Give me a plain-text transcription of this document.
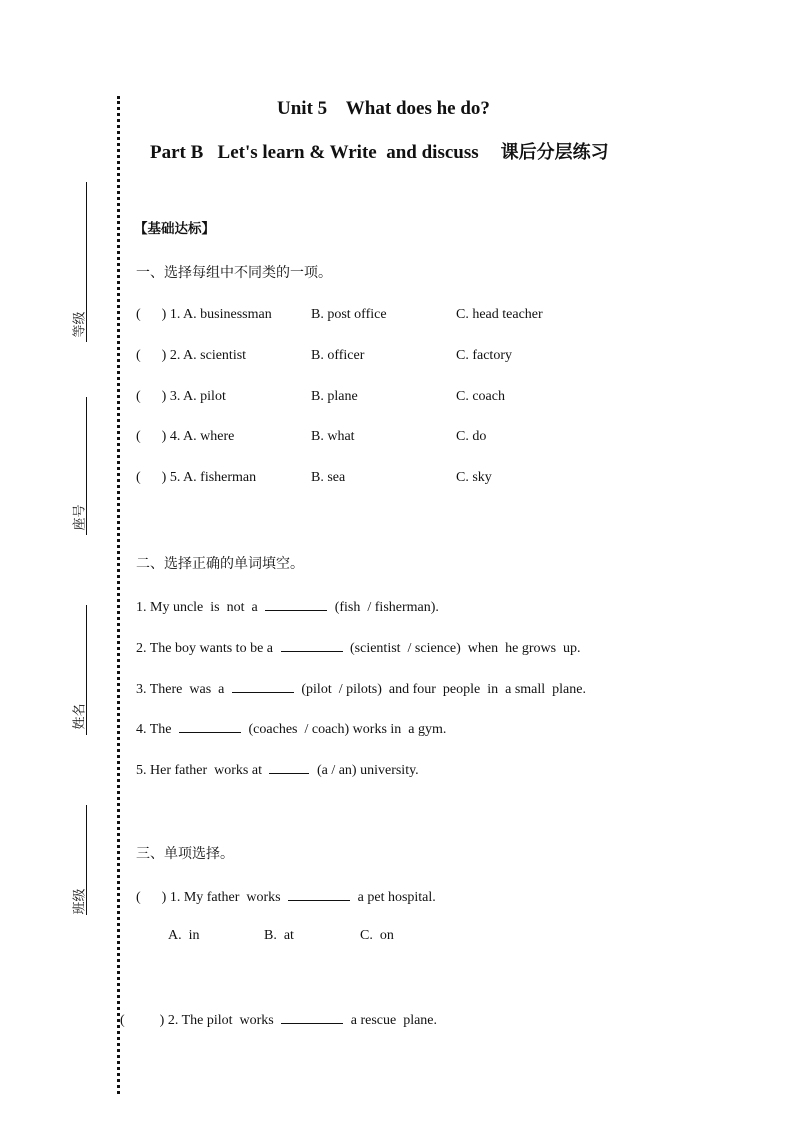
等级
座号
姓名
班级
Unit 5    What does he do?
Part B   Let's learn & Write  and discuss 课后分层练习
【基础达标】
一、选择每组中不同类的一项。
(      ) 1. A. businessman	B. post office	C. head teacher
(      ) 2. A. scientist	B. officer	C. factory
(      ) 3. A. pilot	B. plane	C. coach
(      ) 4. A. where	B. what	C. do
(      ) 5. A. fisherman	B. sea	C. sky
二、选择正确的单词填空。
1. My uncle  is  not  a	(fish  / fisherman).
2. The boy wants to be a	(scientist  / science)  when  he grows  up.
3. There  was  a	(pilot  / pilots)  and four  people  in  a small  plane.
4. The	(coaches  / coach) works in  a gym.
5. Her father  works at	(a / an) university.
三、单项选择。
(      ) 1. My father  works	a pet hospital.
A.  in	B.  at	C.  on
(          ) 2. The pilot  works	a rescue  plane.
